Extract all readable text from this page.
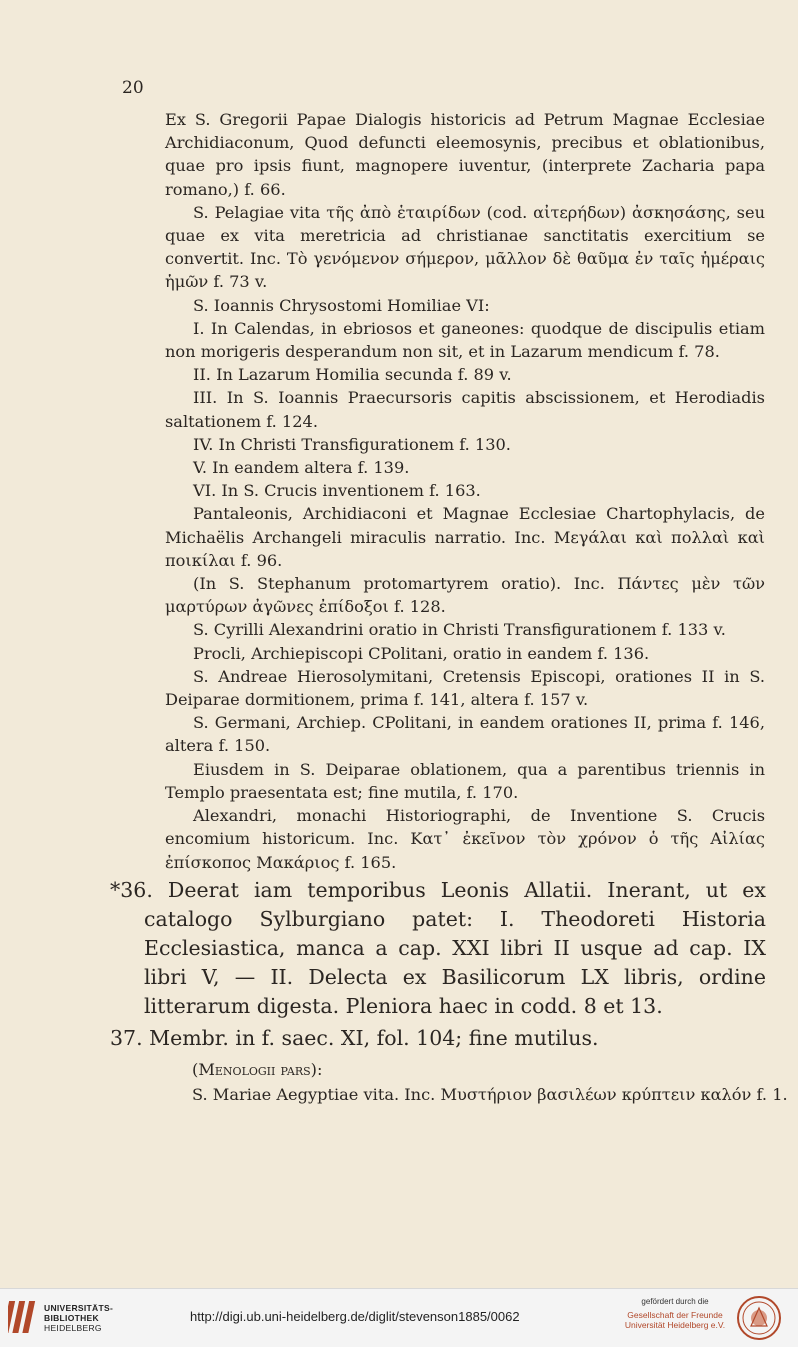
20

Ex S. Gregorii Papae Dialogis historicis ad Petrum Magnae Ecclesiae Archidiaconum, Quod defuncti eleemosynis, precibus et oblationibus, quae pro ipsis fiunt, magnopere iuventur, (interprete Zacharia papa romano,) f. 66.

S. Pelagiae vita τῆς ἀπὸ ἑταιρίδων (cod. αἰτερήδων) ἀσκησάσης, seu quae ex vita meretricia ad christianae sanctitatis exercitium se convertit. Inc. Τὸ γενόμενον σήμερον, μᾶλλον δὲ θαῦμα ἐν ταῖς ἡμέραις ἡμῶν f. 73 v.

S. Ioannis Chrysostomi Homiliae VI:

I. In Calendas, in ebriosos et ganeones: quodque de discipulis etiam non morigeris desperandum non sit, et in Lazarum mendicum f. 78.

II. In Lazarum Homilia secunda f. 89 v.

III. In S. Ioannis Praecursoris capitis abscissionem, et Herodiadis saltationem f. 124.

IV. In Christi Transfigurationem f. 130.

V. In eandem altera f. 139.

VI. In S. Crucis inventionem f. 163.

Pantaleonis, Archidiaconi et Magnae Ecclesiae Chartophylacis, de Michaëlis Archangeli miraculis narratio. Inc. Μεγάλαι καὶ πολλαὶ καὶ ποικίλαι f. 96.

(In S. Stephanum protomartyrem oratio). Inc. Πάντες μὲν τῶν μαρτύρων ἀγῶνες ἐπίδοξοι f. 128.

S. Cyrilli Alexandrini oratio in Christi Transfigurationem f. 133 v.

Procli, Archiepiscopi CPolitani, oratio in eandem f. 136.

S. Andreae Hierosolymitani, Cretensis Episcopi, orationes II in S. Deiparae dormitionem, prima f. 141, altera f. 157 v.

S. Germani, Archiep. CPolitani, in eandem orationes II, prima f. 146, altera f. 150.

Eiusdem in S. Deiparae oblationem, qua a parentibus triennis in Templo praesentata est; fine mutila, f. 170.

Alexandri, monachi Historiographi, de Inventione S. Crucis encomium historicum. Inc. Κατ᾽ ἐκεῖνον τὸν χρόνον ὁ τῆς Αἰλίας ἐπίσκοπος Μακάριος f. 165.

*36. Deerat iam temporibus Leonis Allatii. Inerant, ut ex catalogo Sylburgiano patet: I. Theodoreti Historia Ecclesiastica, manca a cap. XXI libri II usque ad cap. IX libri V, — II. Delecta ex Basilicorum LX libris, ordine litterarum digesta. Pleniora haec in codd. 8 et 13.

37. Membr. in f. saec. XI, fol. 104; fine mutilus.

(Menologii pars):

S. Mariae Aegyptiae vita. Inc. Μυστήριον βασιλέων κρύπτειν καλόν f. 1.

UNIVERSITÄTS-
BIBLIOTHEK
HEIDELBERG
http://digi.ub.uni-heidelberg.de/diglit/stevenson1885/0062
gefördert durch die
Gesellschaft der Freunde
Universität Heidelberg e.V.
